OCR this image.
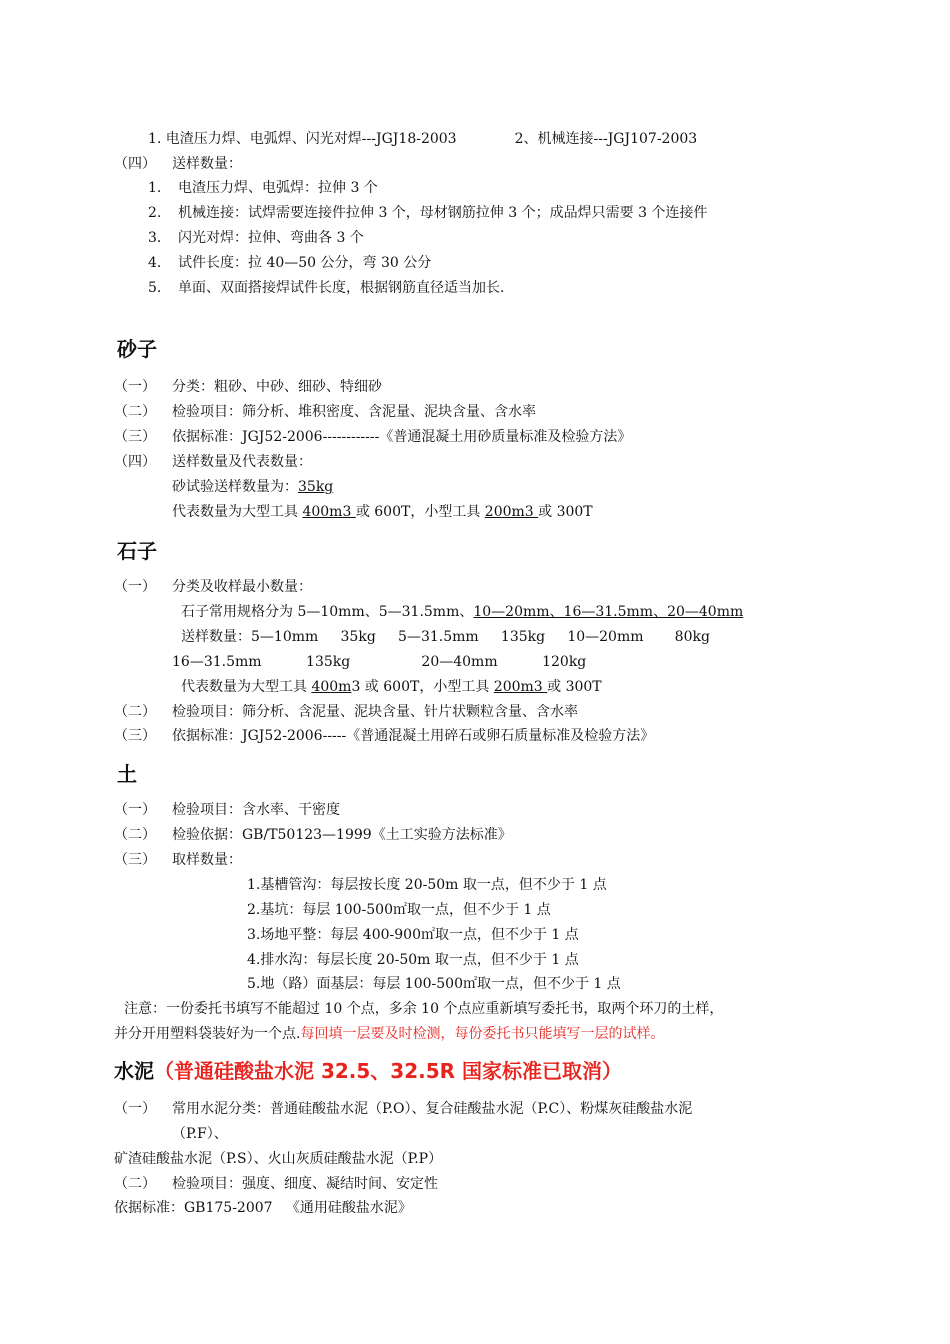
1. 电渣压力焊、电弧焊、闪光对焊---JGJ18-2003	2、机械连接---JGJ107-2003
（四） 送样数量：
1. 电渣压力焊、电弧焊：拉伸 3 个
2. 机械连接：试焊需要连接件拉伸 3 个，母材钢筋拉伸 3 个；成品焊只需要 3 个连接件
3. 闪光对焊：拉伸、弯曲各 3 个
4. 试件长度：拉 40—50 公分，弯 30 公分
5. 单面、双面搭接焊试件长度，根据钢筋直径适当加长.
砂子
（一） 分类：粗砂、中砂、细砂、特细砂
（二） 检验项目：筛分析、堆积密度、含泥量、泥块含量、含水率
（三） 依据标准：JGJ52-2006------------《普通混凝土用砂质量标准及检验方法》
（四） 送样数量及代表数量：
砂试验送样数量为：35kg
代表数量为大型工具 400m3 或 600T，小型工具 200m3 或 300T
石子
（一） 分类及收样最小数量：
石子常用规格分为 5—10mm、5—31.5mm、10—20mm、16—31.5mm、20—40mm
送样数量：5—10mm     35kg     5—31.5mm     135kg     10—20mm       80kg
16—31.5mm          135kg                20—40mm          120kg
代表数量为大型工具 400m3 或 600T，小型工具 200m3 或 300T
（二） 检验项目：筛分析、含泥量、泥块含量、针片状颗粒含量、含水率
（三） 依据标准：JGJ52-2006-----《普通混凝土用碎石或卵石质量标准及检验方法》
土
（一） 检验项目：含水率、干密度
（二） 检验依据：GB/T50123—1999《土工实验方法标准》
（三） 取样数量：
1.基槽管沟：每层按长度 20-50m 取一点，但不少于 1 点
2.基坑：每层 100-500㎡取一点，但不少于 1 点
3.场地平整：每层 400-900㎡取一点，但不少于 1 点
4.排水沟：每层长度 20-50m 取一点，但不少于 1 点
5.地（路）面基层：每层 100-500㎡取一点，但不少于 1 点
注意：一份委托书填写不能超过 10 个点，多余 10 个点应重新填写委托书，取两个环刀的土样，
并分开用塑料袋装好为一个点.每回填一层要及时检测，每份委托书只能填写一层的试样。
水泥（普通硅酸盐水泥 32.5、32.5R 国家标准已取消）
（一） 常用水泥分类：普通硅酸盐水泥（P.O）、复合硅酸盐水泥（P.C）、粉煤灰硅酸盐水泥
（P.F）、
矿渣硅酸盐水泥（P.S）、火山灰质硅酸盐水泥（P.P）
（二） 检验项目：强度、细度、凝结时间、安定性
依据标准：GB175-2007   《通用硅酸盐水泥》
